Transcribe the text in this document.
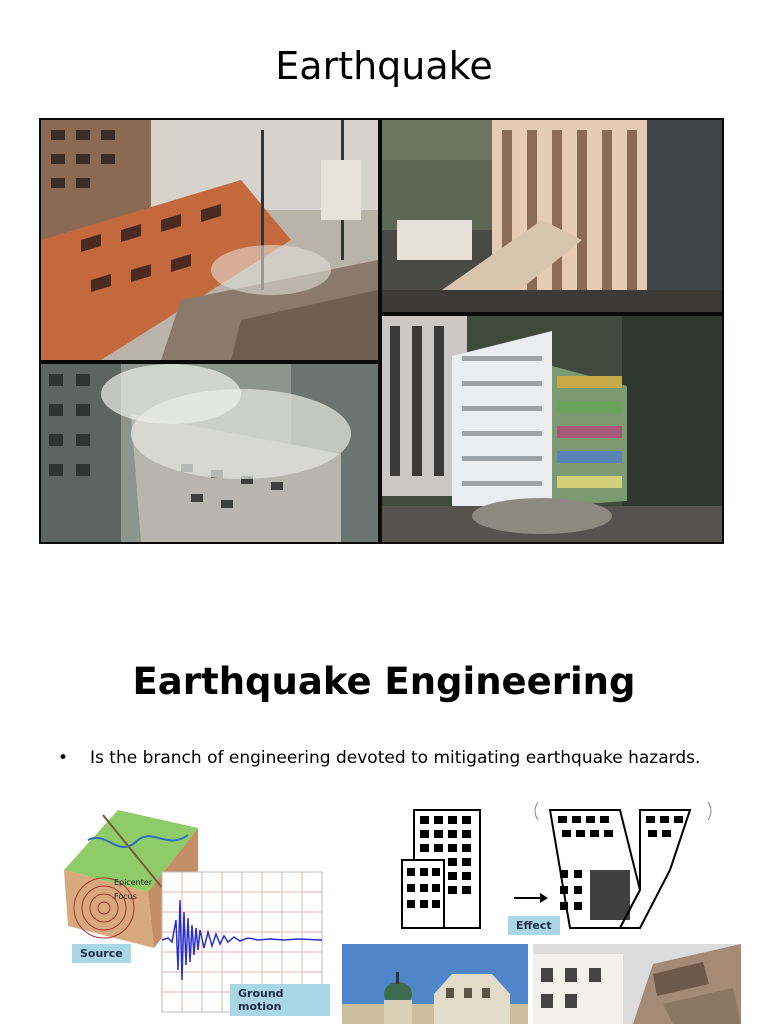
Earthquake
Earthquake Engineering
• Is the branch of engineering devoted to mitigating earthquake hazards.
Epicenter
Focus
Source
Ground motion
Effect
